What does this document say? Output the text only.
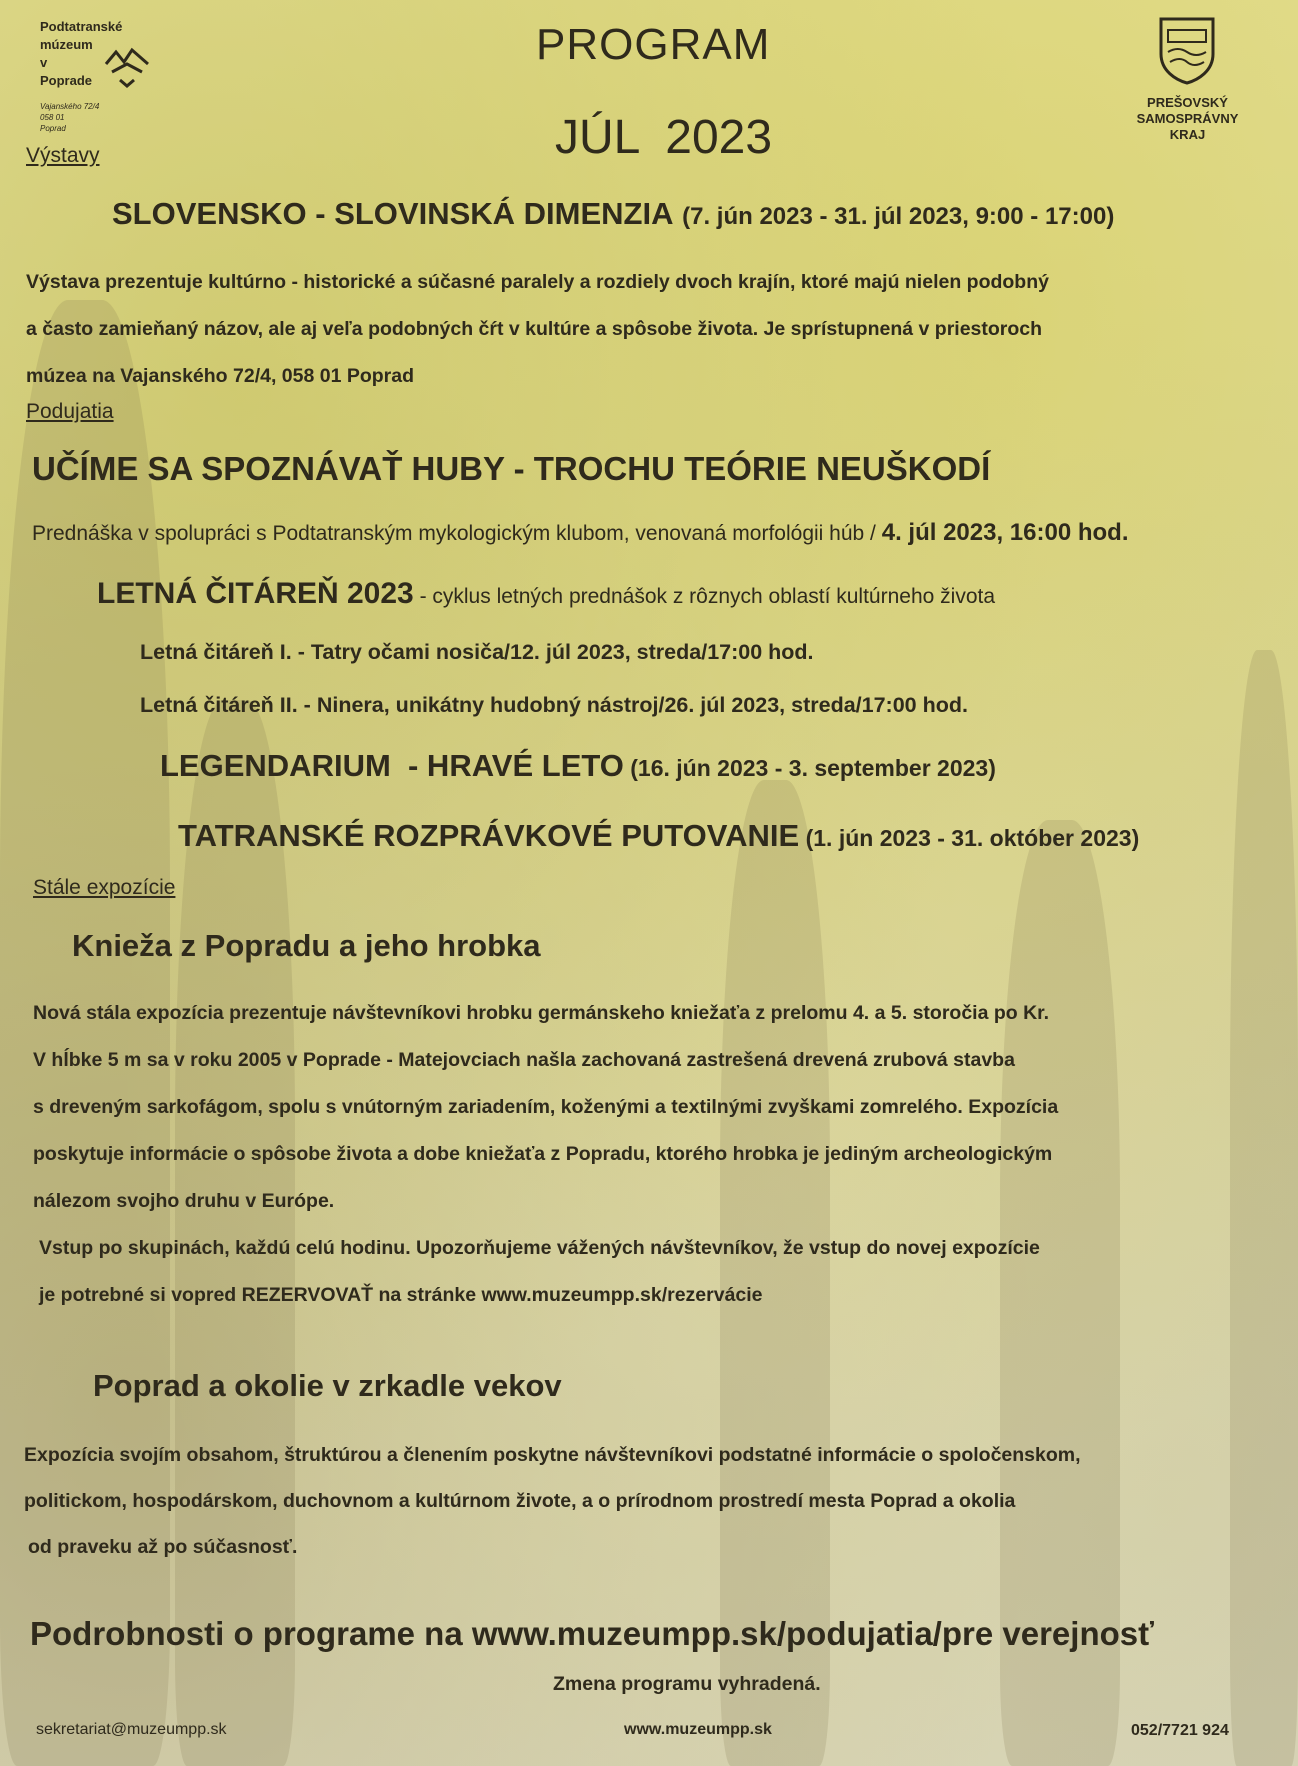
Podtatranské
múzeum
v
Poprade
Vajanského 72/4
058 01
Poprad
PREŠOVSKÝ
SAMOSPRÁVNY
KRAJ
PROGRAM
JÚL  2023
Výstavy
SLOVENSKO - SLOVINSKÁ DIMENZIA (7. jún 2023 - 31. júl 2023, 9:00 - 17:00)
Výstava prezentuje kultúrno - historické a súčasné paralely a rozdiely dvoch krajín, ktoré majú nielen podobný
a často zamieňaný názov, ale aj veľa podobných čŕt v kultúre a spôsobe života. Je sprístupnená v priestoroch
múzea na Vajanského 72/4, 058 01 Poprad
Podujatia
UČÍME SA SPOZNÁVAŤ HUBY - TROCHU TEÓRIE NEUŠKODÍ
Prednáška v spolupráci s Podtatranským mykologickým klubom, venovaná morfológii húb / 4. júl 2023, 16:00 hod.
LETNÁ ČITÁREŇ 2023 - cyklus letných prednášok z rôznych oblastí kultúrneho života
Letná čitáreň I. - Tatry očami nosiča/12. júl 2023, streda/17:00 hod.
Letná čitáreň II. - Ninera, unikátny hudobný nástroj/26. júl 2023, streda/17:00 hod.
LEGENDARIUM  - HRAVÉ LETO (16. jún 2023 - 3. september 2023)
TATRANSKÉ ROZPRÁVKOVÉ PUTOVANIE (1. jún 2023 - 31. október 2023)
Stále expozície
Knieža z Popradu a jeho hrobka
Nová stála expozícia prezentuje návštevníkovi hrobku germánskeho kniežaťa z prelomu 4. a 5. storočia po Kr.
V hĺbke 5 m sa v roku 2005 v Poprade - Matejovciach našla zachovaná zastrešená drevená zrubová stavba
s dreveným sarkofágom, spolu s vnútorným zariadením, koženými a textilnými zvyškami zomrelého. Expozícia
poskytuje informácie o spôsobe života a dobe kniežaťa z Popradu, ktorého hrobka je jediným archeologickým
nálezom svojho druhu v Európe.
Vstup po skupinách, každú celú hodinu. Upozorňujeme vážených návštevníkov, že vstup do novej expozície
je potrebné si vopred REZERVOVAŤ na stránke www.muzeumpp.sk/rezervácie
Poprad a okolie v zrkadle vekov
Expozícia svojím obsahom, štruktúrou a členením poskytne návštevníkovi podstatné informácie o spoločenskom,
politickom, hospodárskom, duchovnom a kultúrnom živote, a o prírodnom prostredí mesta Poprad a okolia
od praveku až po súčasnosť.
Podrobnosti o programe na www.muzeumpp.sk/podujatia/pre verejnosť
Zmena programu vyhradená.
sekretariat@muzeumpp.sk	www.muzeumpp.sk	052/7721 924
